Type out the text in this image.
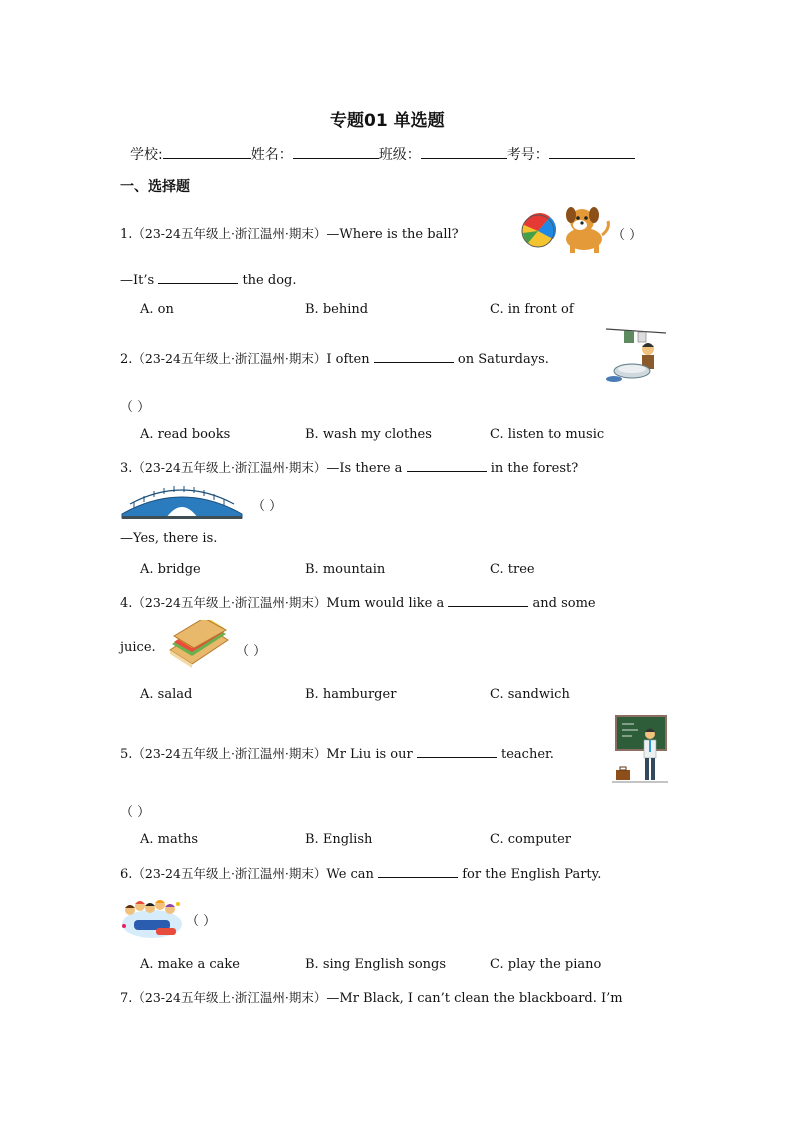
专题01 单选题
学校:	姓名：	班级：	考号：
一、选择题
1.（23-24五年级上·浙江温州·期末）—Where is the ball?	（ ）
—It’s	the dog.
A. on	B. behind	C. in front of
2.（23-24五年级上·浙江温州·期末）I often	on Saturdays.
（ ）
A. read books	B. wash my clothes	C. listen to music
3.（23-24五年级上·浙江温州·期末）—Is there a	in the forest?
（ ）
—Yes, there is.
A. bridge	B. mountain	C. tree
4.（23-24五年级上·浙江温州·期末）Mum would like a	and some
juice.	（ ）
A. salad	B. hamburger	C. sandwich
5.（23-24五年级上·浙江温州·期末）Mr Liu is our	teacher.
（ ）
A. maths	B. English	C. computer
6.（23-24五年级上·浙江温州·期末）We can	for the English Party.
（ ）
A. make a cake	B. sing English songs	C. play the piano
7.（23-24五年级上·浙江温州·期末）—Mr Black, I can’t clean the blackboard. I’m
